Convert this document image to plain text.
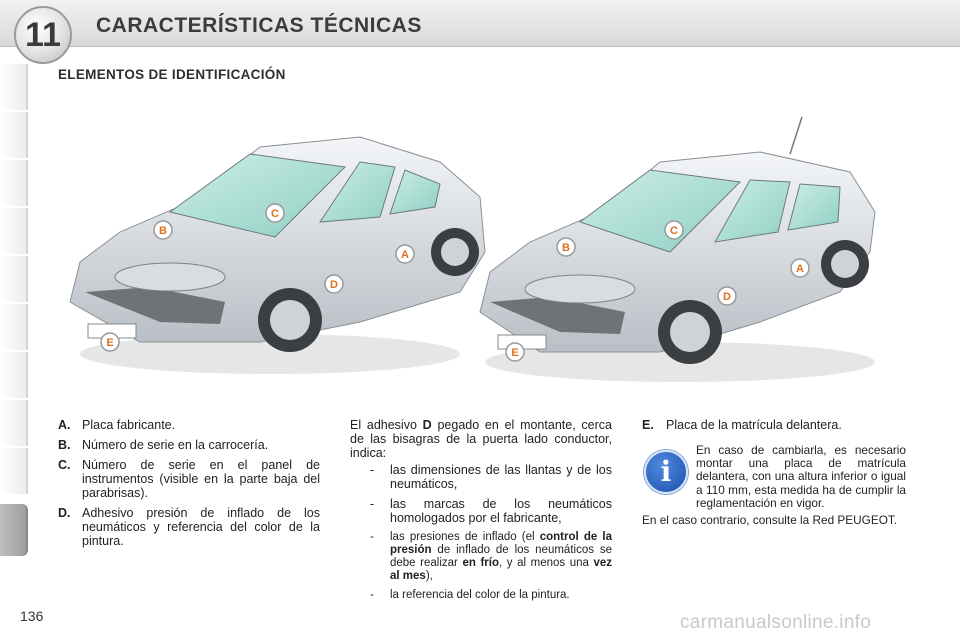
11	CARACTERÍSTICAS TÉCNICAS
ELEMENTOS DE IDENTIFICACIÓN
C
B
A
D
E
C
B
A
D
E
A. Placa fabricante.
B. Número de serie en la carrocería.
C. Número de serie en el panel de instrumentos (visible en la parte baja del parabrisas).
D. Adhesivo presión de inflado de los neumáticos y referencia del color de la pintura.

El adhesivo D pegado en el montante, cerca de las bisagras de la puerta lado conductor, indica:

- las dimensiones de las llantas y de los neumáticos,
- las marcas de los neumáticos homologados por el fabricante,
- las presiones de inflado (el control de la presión de inflado de los neumáticos se debe realizar en frío, y al menos una vez al mes),
- la referencia del color de la pintura.
E. Placa de la matrícula delantera.
i
En caso de cambiarla, es necesario montar una placa de matrícula delantera, con una altura inferior o igual a 110 mm, esta medida ha de cumplir la reglamentación en vigor.
En el caso contrario, consulte la Red PEUGEOT.
136	carmanualsonline.info
